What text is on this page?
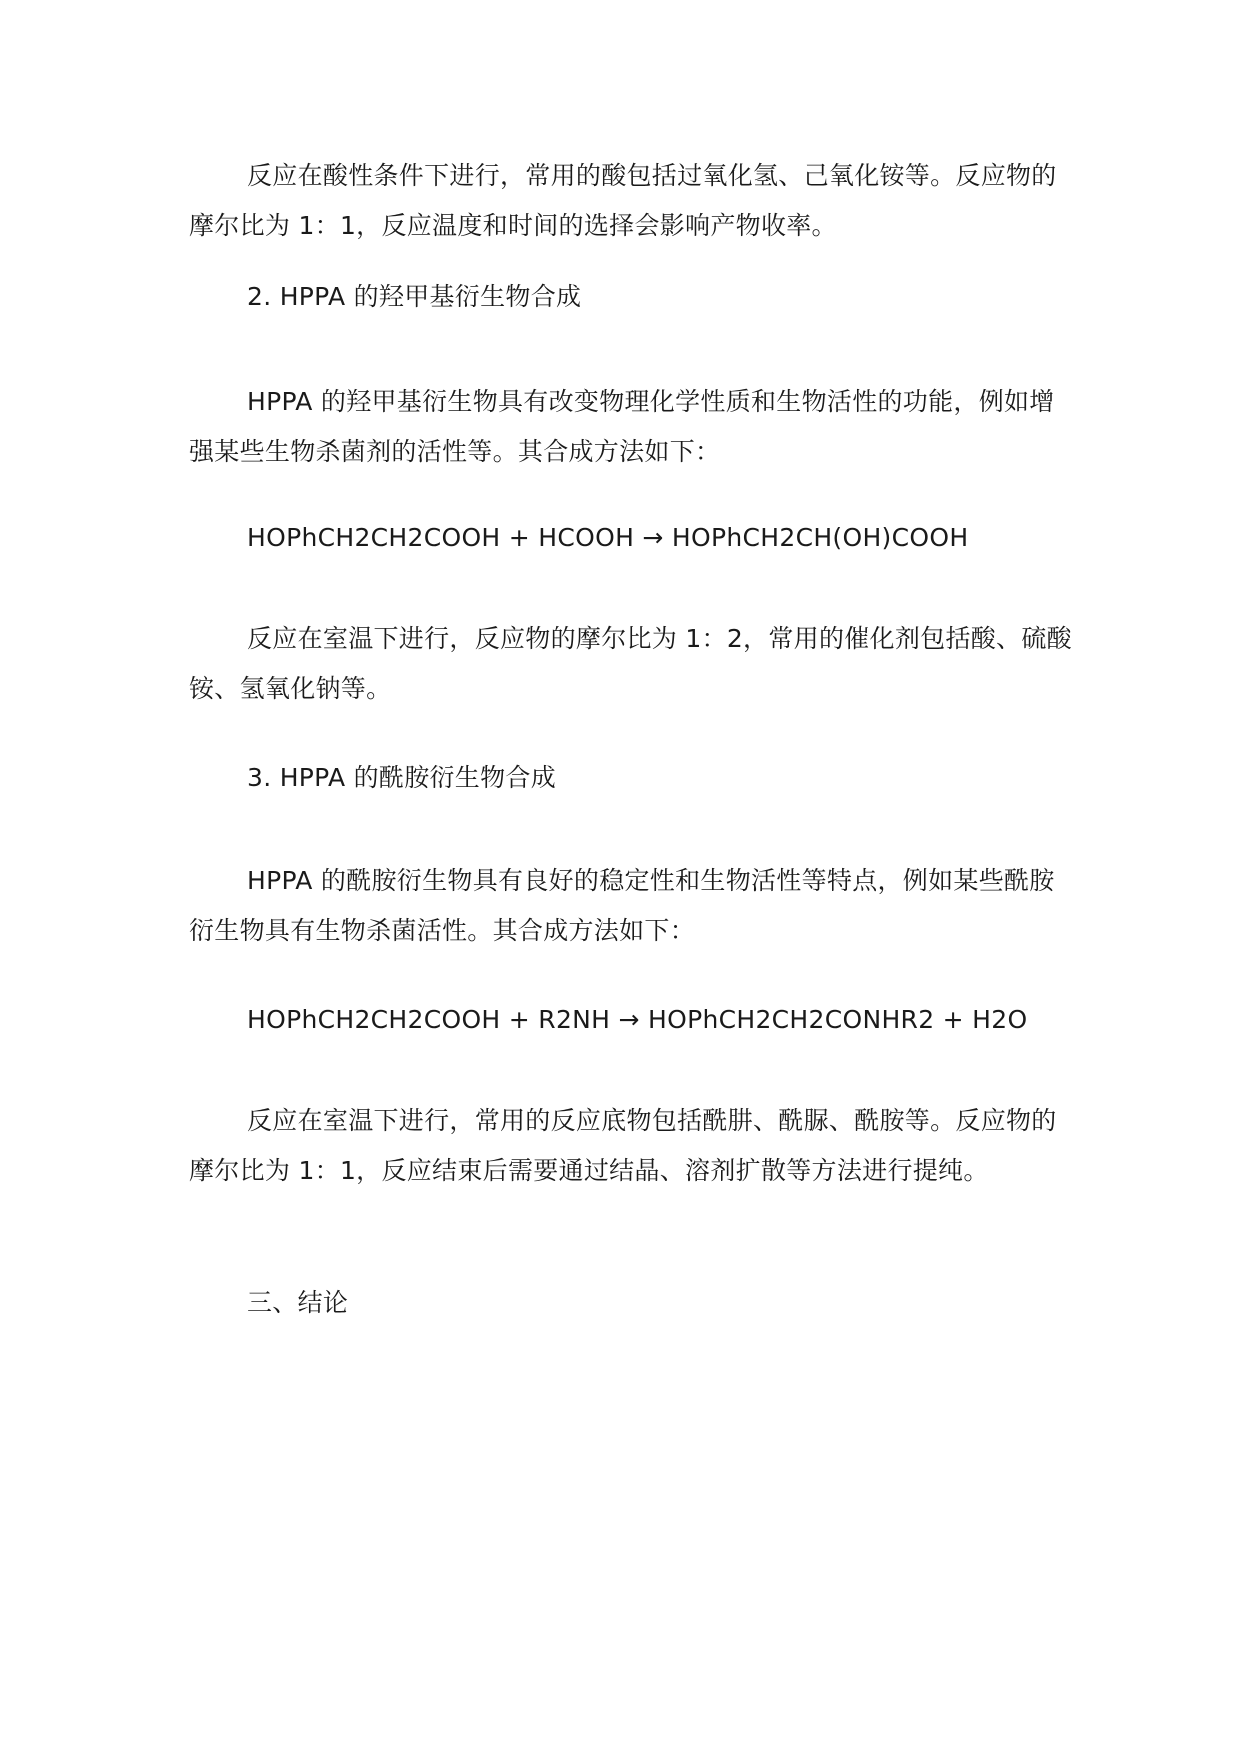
反应在酸性条件下进行，常用的酸包括过氧化氢、己氧化铵等。反应物的摩尔比为 1：1，反应温度和时间的选择会影响产物收率。

2. HPPA 的羟甲基衍生物合成

HPPA 的羟甲基衍生物具有改变物理化学性质和生物活性的功能，例如增强某些生物杀菌剂的活性等。其合成方法如下：

HOPhCH2CH2COOH + HCOOH → HOPhCH2CH(OH)COOH

反应在室温下进行，反应物的摩尔比为 1：2，常用的催化剂包括酸、硫酸铵、氢氧化钠等。

3. HPPA 的酰胺衍生物合成

HPPA 的酰胺衍生物具有良好的稳定性和生物活性等特点，例如某些酰胺衍生物具有生物杀菌活性。其合成方法如下：

HOPhCH2CH2COOH + R2NH → HOPhCH2CH2CONHR2 + H2O

反应在室温下进行，常用的反应底物包括酰肼、酰脲、酰胺等。反应物的摩尔比为 1：1，反应结束后需要通过结晶、溶剂扩散等方法进行提纯。

三、结论
